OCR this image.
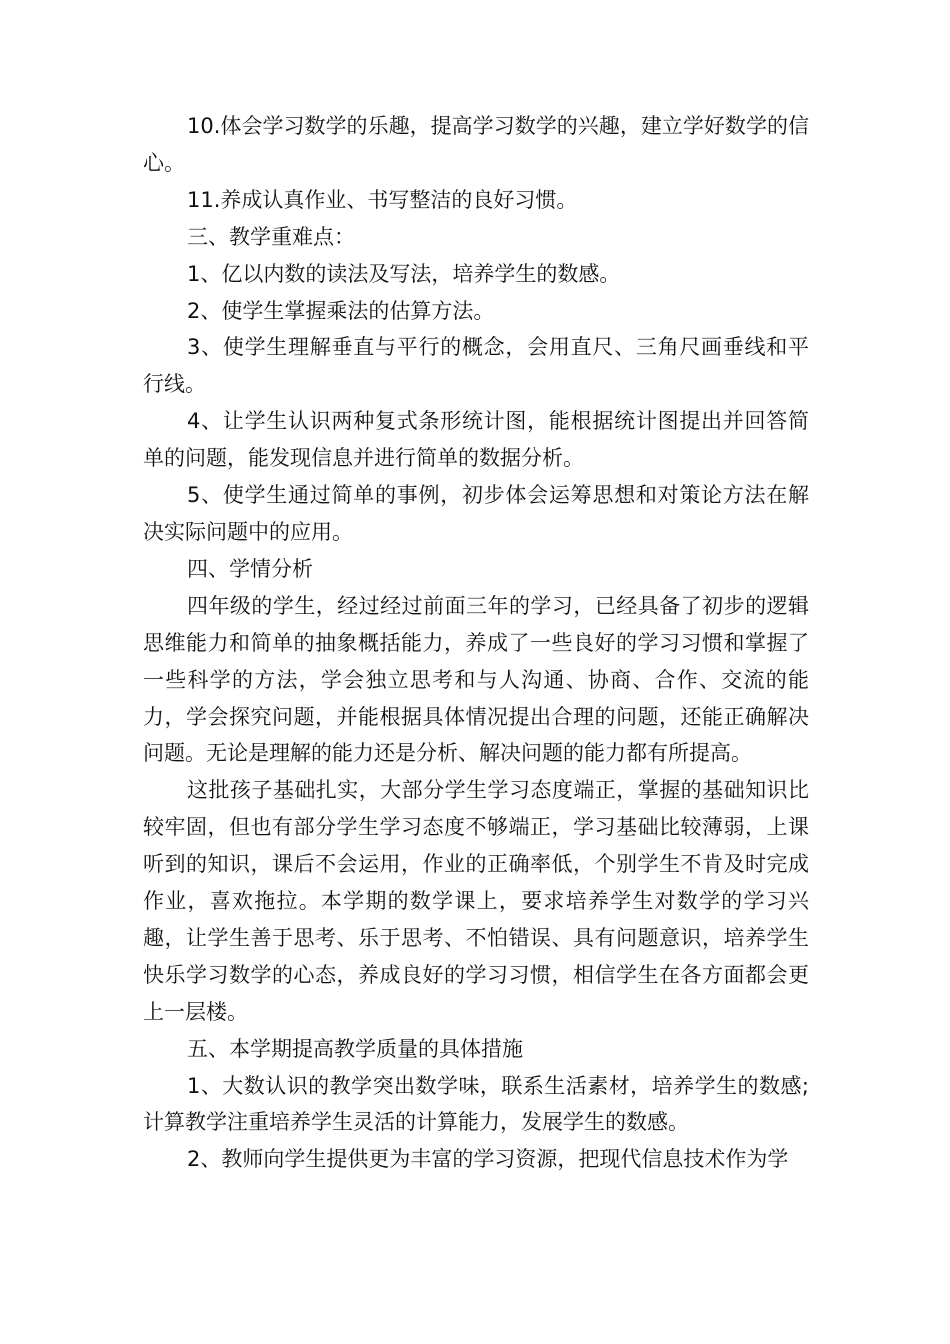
10.体会学习数学的乐趣，提高学习数学的兴趣，建立学好数学的信心。

11.养成认真作业、书写整洁的良好习惯。

三、教学重难点：

1、亿以内数的读法及写法，培养学生的数感。

2、使学生掌握乘法的估算方法。

3、使学生理解垂直与平行的概念，会用直尺、三角尺画垂线和平行线。

4、让学生认识两种复式条形统计图，能根据统计图提出并回答简单的问题，能发现信息并进行简单的数据分析。

5、使学生通过简单的事例，初步体会运筹思想和对策论方法在解决实际问题中的应用。

四、学情分析

四年级的学生，经过经过前面三年的学习，已经具备了初步的逻辑思维能力和简单的抽象概括能力，养成了一些良好的学习习惯和掌握了一些科学的方法，学会独立思考和与人沟通、协商、合作、交流的能力，学会探究问题，并能根据具体情况提出合理的问题，还能正确解决问题。无论是理解的能力还是分析、解决问题的能力都有所提高。

这批孩子基础扎实，大部分学生学习态度端正，掌握的基础知识比较牢固，但也有部分学生学习态度不够端正，学习基础比较薄弱，上课听到的知识，课后不会运用，作业的正确率低，个别学生不肯及时完成作业，喜欢拖拉。本学期的数学课上，要求培养学生对数学的学习兴趣，让学生善于思考、乐于思考、不怕错误、具有问题意识，培养学生快乐学习数学的心态，养成良好的学习习惯，相信学生在各方面都会更上一层楼。

五、本学期提高教学质量的具体措施

1、大数认识的教学突出数学味，联系生活素材，培养学生的数感;计算教学注重培养学生灵活的计算能力，发展学生的数感。

2、教师向学生提供更为丰富的学习资源，把现代信息技术作为学
